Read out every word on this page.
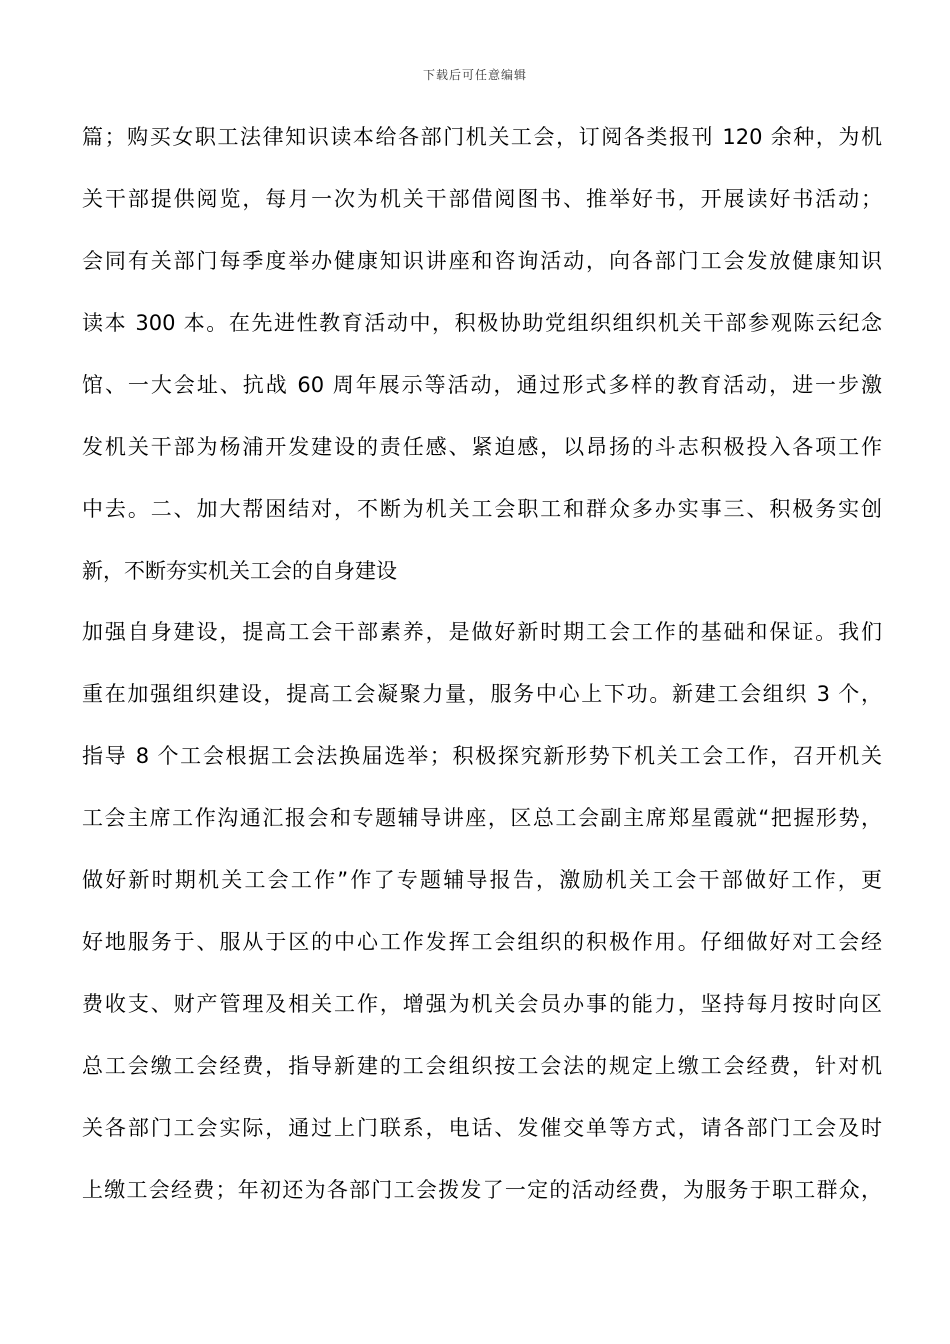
下载后可任意编辑
篇；购买女职工法律知识读本给各部门机关工会，订阅各类报刊 120 余种，为机
关干部提供阅览，每月一次为机关干部借阅图书、推举好书，开展读好书活动；
会同有关部门每季度举办健康知识讲座和咨询活动，向各部门工会发放健康知识
读本 300 本。在先进性教育活动中，积极协助党组织组织机关干部参观陈云纪念
馆、一大会址、抗战 60 周年展示等活动，通过形式多样的教育活动，进一步激
发机关干部为杨浦开发建设的责任感、紧迫感，以昂扬的斗志积极投入各项工作
中去。二、加大帮困结对，不断为机关工会职工和群众多办实事三、积极务实创
新，不断夯实机关工会的自身建设
加强自身建设，提高工会干部素养，是做好新时期工会工作的基础和保证。我们
重在加强组织建设，提高工会凝聚力量，服务中心上下功。新建工会组织 3 个，
指导 8 个工会根据工会法换届选举；积极探究新形势下机关工会工作，召开机关
工会主席工作沟通汇报会和专题辅导讲座，区总工会副主席郑星霞就“把握形势，
做好新时期机关工会工作”作了专题辅导报告，激励机关工会干部做好工作，更
好地服务于、服从于区的中心工作发挥工会组织的积极作用。仔细做好对工会经
费收支、财产管理及相关工作，增强为机关会员办事的能力，坚持每月按时向区
总工会缴工会经费，指导新建的工会组织按工会法的规定上缴工会经费，针对机
关各部门工会实际，通过上门联系，电话、发催交单等方式，请各部门工会及时
上缴工会经费；年初还为各部门工会拨发了一定的活动经费，为服务于职工群众，
